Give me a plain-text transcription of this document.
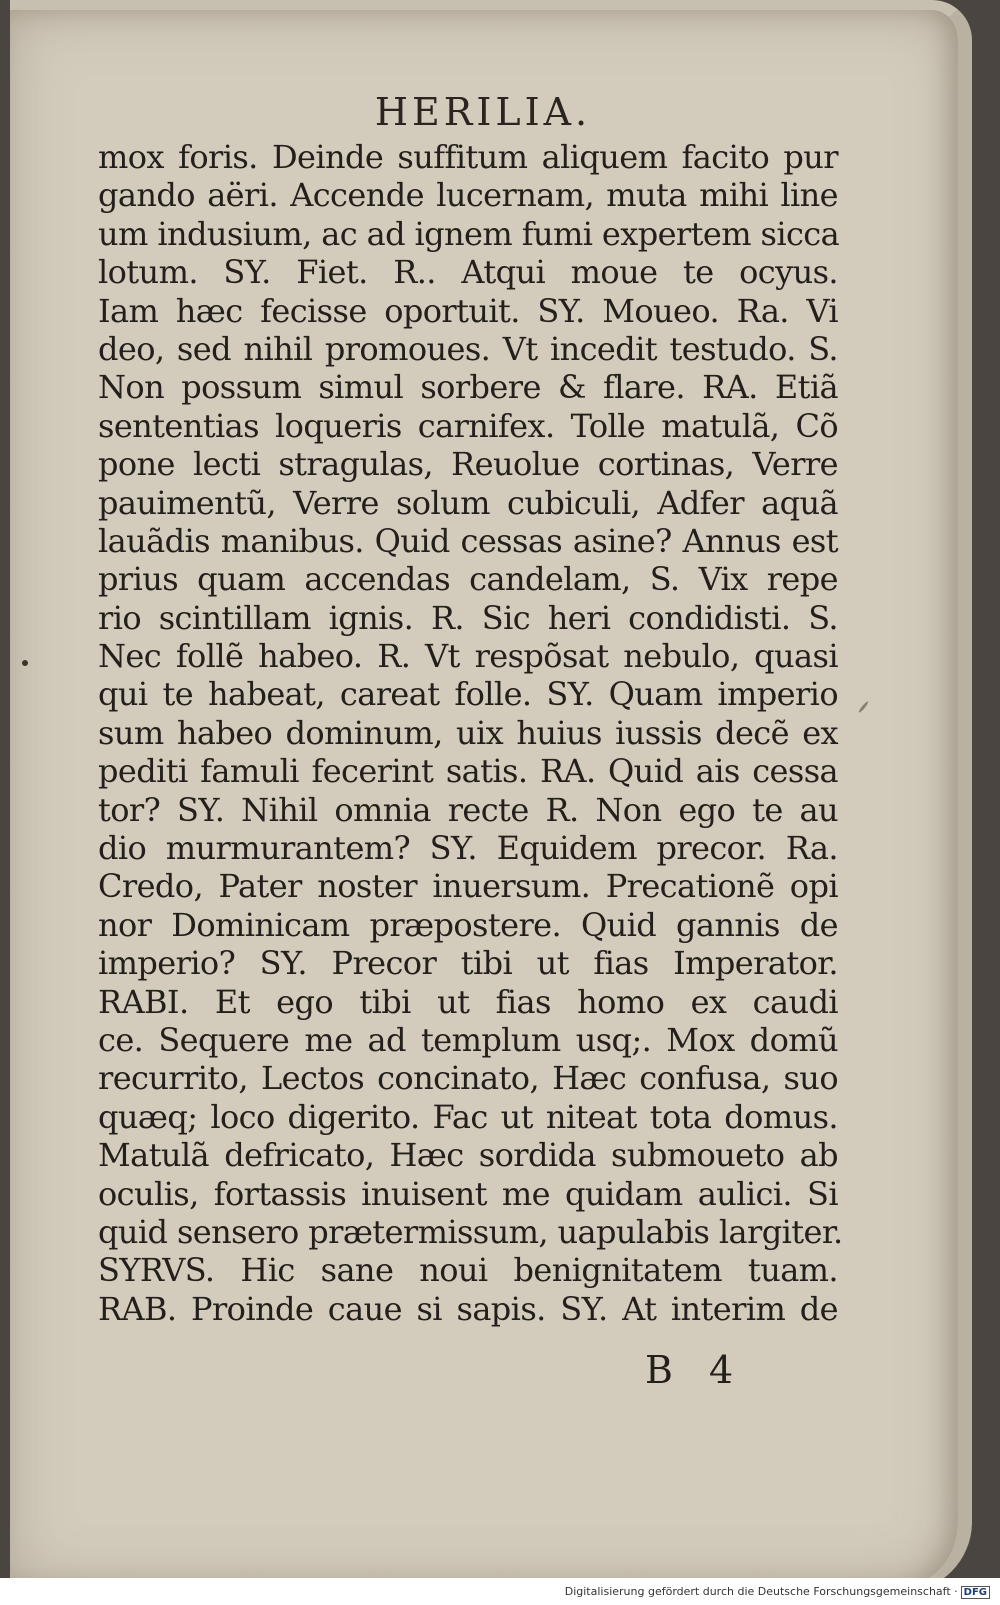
HERILIA.
mox foris. Deinde suffitum aliquem facito pur
gando aëri. Accende lucernam, muta mihi line
um indusium, ac ad ignem fumi expertem sicca
lotum. SY. Fiet. R.. Atqui moue te ocyus.
Iam hæc fecisse oportuit. SY. Moueo. Ra. Vi
deo, sed nihil promoues. Vt incedit testudo. S.
Non possum simul sorbere & flare. RA. Etiã
sententias loqueris carnifex. Tolle matulã, Cõ
pone lecti stragulas, Reuolue cortinas, Verre
pauimentũ, Verre solum cubiculi, Adfer aquã
lauãdis manibus. Quid cessas asine? Annus est
prius quam accendas candelam, S. Vix repe
rio scintillam ignis. R. Sic heri condidisti. S.
Nec follẽ habeo. R. Vt respõsat nebulo, quasi
qui te habeat, careat folle. SY. Quam imperio
sum habeo dominum, uix huius iussis decẽ ex
pediti famuli fecerint satis. RA. Quid ais cessa
tor? SY. Nihil omnia recte R. Non ego te au
dio murmurantem? SY. Equidem precor. Ra.
Credo, Pater noster inuersum. Precationẽ opi
nor Dominicam præpostere. Quid gannis de
imperio? SY. Precor tibi ut fias Imperator.
RABI. Et ego tibi ut fias homo ex caudi
ce. Sequere me ad templum usq;. Mox domũ
recurrito, Lectos concinato, Hæc confusa, suo
quæq; loco digerito. Fac ut niteat tota domus.
Matulã defricato, Hæc sordida submoueto ab
oculis, fortassis inuisent me quidam aulici. Si
quid sensero prætermissum, uapulabis largiter.
SYRVS. Hic sane noui benignitatem tuam.
RAB. Proinde caue si sapis. SY. At interim de
B 4
Digitalisierung gefördert durch die Deutsche Forschungsgemeinschaft · DFG
